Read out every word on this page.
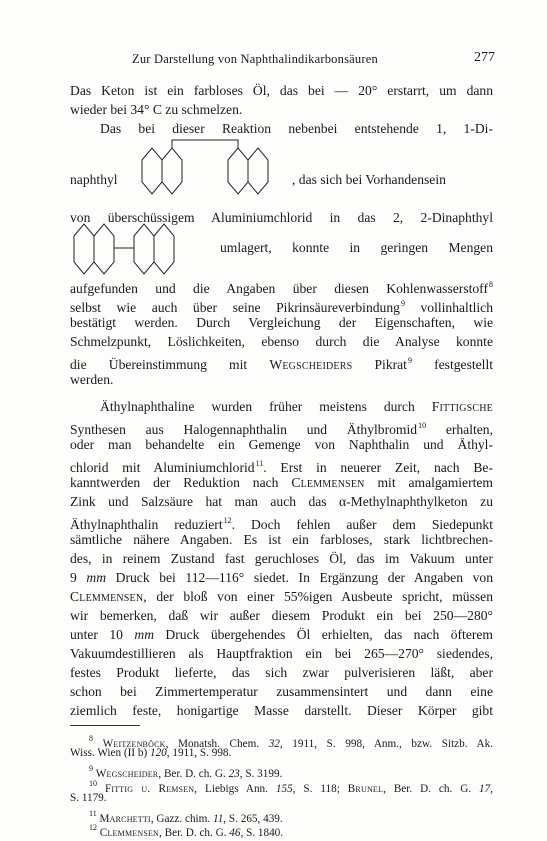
Zur Darstellung von Naphthalindikarbonsäuren	277
Das Keton ist ein farbloses Öl, das bei — 20° erstarrt, um dann
wieder bei 34° C zu schmelzen.
Das bei dieser Reaktion nebenbei entstehende 1, 1-Di-
naphthyl	, das sich bei Vorhandensein
von überschüssigem Aluminiumchlorid in das 2, 2-Dinaphthyl
umlagert, konnte in geringen Mengen
aufgefunden und die Angaben über diesen Kohlenwasserstoff$^8$
selbst wie auch über seine Pikrinsäureverbindung$^9$ vollinhaltlich
bestätigt werden. Durch Vergleichung der Eigenschaften, wie
Schmelzpunkt, Löslichkeiten, ebenso durch die Analyse konnte
die Übereinstimmung mit Wegscheiders Pikrat$^9$ festgestellt
werden.
Äthylnaphthaline wurden früher meistens durch Fittigsche
Synthesen aus Halogennaphthalin und Äthylbromid$^{10}$ erhalten,
oder man behandelte ein Gemenge von Naphthalin und Äthyl-
chlorid mit Aluminiumchlorid$^{11}$. Erst in neuerer Zeit, nach Be-
kanntwerden der Reduktion nach Clemmensen mit amalgamiertem
Zink und Salzsäure hat man auch das α-Methylnaphthylketon zu
Äthylnaphthalin reduziert$^{12}$. Doch fehlen außer dem Siedepunkt
sämtliche nähere Angaben. Es ist ein farbloses, stark lichtbrechen-
des, in reinem Zustand fast geruchloses Öl, das im Vakuum unter
9 mm Druck bei 112—116° siedet. In Ergänzung der Angaben von
Clemmensen, der bloß von einer 55%igen Ausbeute spricht, müssen
wir bemerken, daß wir außer diesem Produkt ein bei 250—280°
unter 10 mm Druck übergehendes Öl erhielten, das nach öfterem
Vakuumdestillieren als Hauptfraktion ein bei 265—270° siedendes,
festes Produkt lieferte, das sich zwar pulverisieren läßt, aber
schon bei Zimmertemperatur zusammensintert und dann eine
ziemlich feste, honigartige Masse darstellt. Dieser Körper gibt
$^8$ Weitzenböck, Monatsh. Chem. 32, 1911, S. 998, Anm., bzw. Sitzb. Ak.
Wiss. Wien (II b) 120, 1911, S. 998.
$^9$ Wegscheider, Ber. D. ch. G. 23, S. 3199.
$^{10}$ Fittig u. Remsen, Liebigs Ann. 155, S. 118; Brunel, Ber. D. ch. G. 17,
S. 1179.
$^{11}$ Marchetti, Gazz. chim. 11, S. 265, 439.
$^{12}$ Clemmensen, Ber. D. ch. G. 46, S. 1840.
